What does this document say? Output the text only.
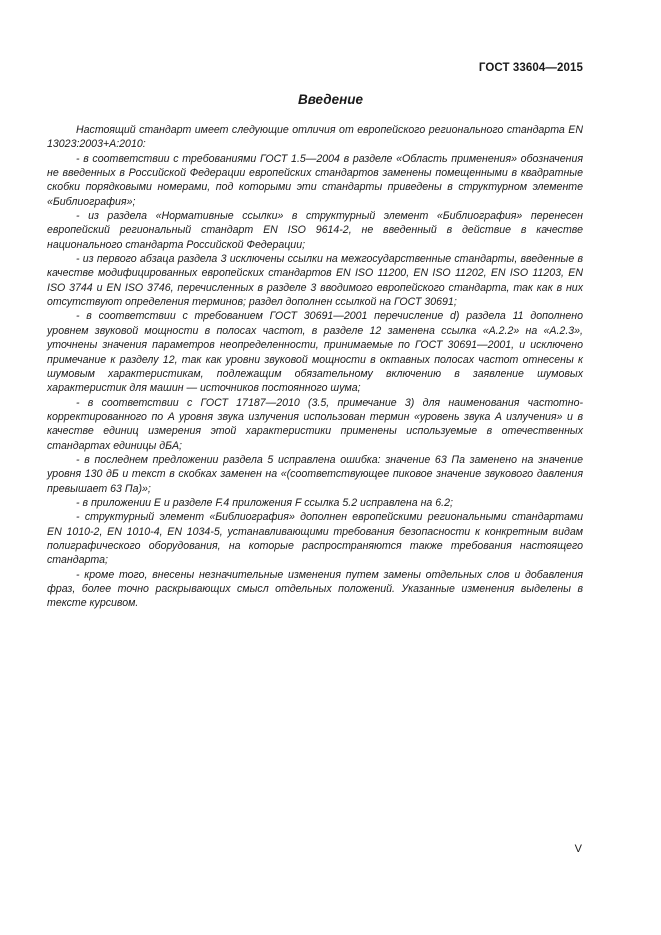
ГОСТ 33604—2015
Введение

Настоящий стандарт имеет следующие отличия от европейского регионального стандарта EN 13023:2003+A:2010:

- в соответствии с требованиями ГОСТ 1.5—2004 в разделе «Область применения» обозначения не введенных в Российской Федерации европейских стандартов заменены помещенными в квадратные скобки порядковыми номерами, под которыми эти стандарты приведены в структурном элементе «Библиография»;

- из раздела «Нормативные ссылки» в структурный элемент «Библиография» перенесен европейский региональный стандарт EN ISO 9614-2, не введенный в действие в качестве национального стандарта Российской Федерации;

- из первого абзаца раздела 3 исключены ссылки на межгосударственные стандарты, введенные в качестве модифицированных европейских стандартов EN ISO 11200, EN ISO 11202, EN ISO 11203, EN ISO 3744 и EN ISO 3746, перечисленных в разделе 3 вводимого европейского стандарта, так как в них отсутствуют определения терминов; раздел дополнен ссылкой на ГОСТ 30691;

- в соответствии с требованием ГОСТ 30691—2001 перечисление d) раздела 11 дополнено уровнем звуковой мощности в полосах частот, в разделе 12 заменена ссылка «A.2.2» на «A.2.3», уточнены значения параметров неопределенности, принимаемые по ГОСТ 30691—2001, и исключено примечание к разделу 12, так как уровни звуковой мощности в октавных полосах частот отнесены к шумовым характеристикам, подлежащим обязательному включению в заявление шумовых характеристик для машин — источников постоянного шума;

- в соответствии с ГОСТ 17187—2010 (3.5, примечание 3) для наименования частотно-корректированного по A уровня звука излучения использован термин «уровень звука A излучения» и в качестве единиц измерения этой характеристики применены используемые в отечественных стандартах единицы дБA;

- в последнем предложении раздела 5 исправлена ошибка: значение 63 Па заменено на значение уровня 130 дБ и текст в скобках заменен на «(соответствующее пиковое значение звукового давления превышает 63 Па)»;

- в приложении E и разделе F.4 приложения F ссылка 5.2 исправлена на 6.2;

- структурный элемент «Библиография» дополнен европейскими региональными стандартами EN 1010-2, EN 1010-4, EN 1034-5, устанавливающими требования безопасности к конкретным видам полиграфического оборудования, на которые распространяются также требования настоящего стандарта;

- кроме того, внесены незначительные изменения путем замены отдельных слов и добавления фраз, более точно раскрывающих смысл отдельных положений. Указанные изменения выделены в тексте курсивом.

V
